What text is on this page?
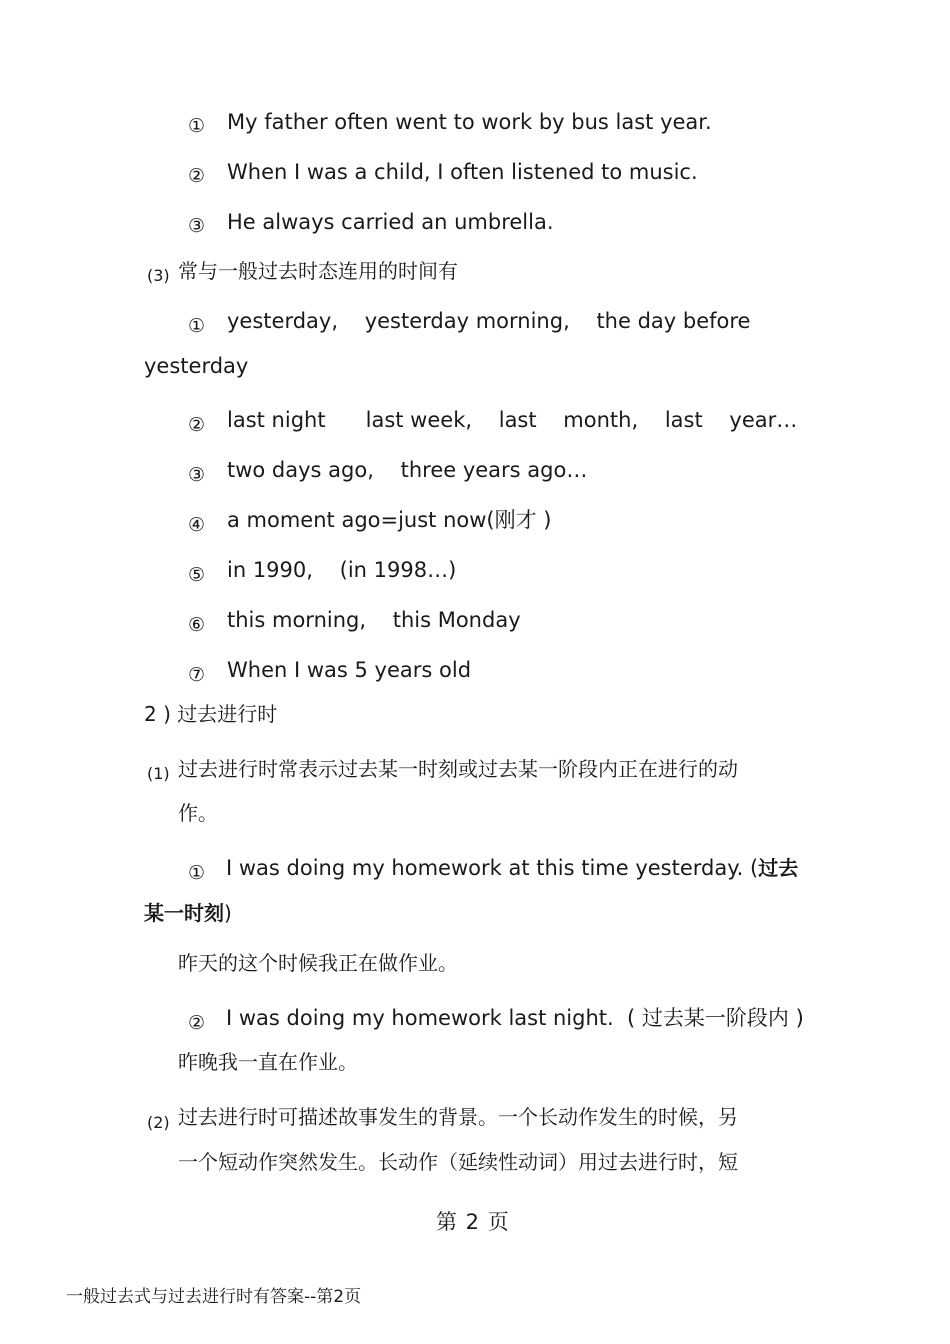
① My father often went to work by bus last year.
② When I was a child, I often listened to music.
③ He always carried an umbrella.
(3) 常与一般过去时态连用的时间有
① yesterday,    yesterday morning,    the day before
yesterday
② last night      last week,    last    month,    last    year…
③ two days ago,    three years ago…
④ a moment ago=just now(刚才 )
⑤ in 1990,    (in 1998…)
⑥ this morning,    this Monday
⑦ When I was 5 years old
2 ) 过去进行时
(1) 过去进行时常表示过去某一时刻或过去某一阶段内正在进行的动
作。
① I was doing my homework at this time yesterday. (过去
某一时刻)
昨天的这个时候我正在做作业。
② I was doing my homework last night.  ( 过去某一阶段内 )
昨晚我一直在作业。
(2) 过去进行时可描述故事发生的背景。一个长动作发生的时候，另
一个短动作突然发生。长动作（延续性动词）用过去进行时，短
第 2 页
一般过去式与过去进行时有答案--第2页
